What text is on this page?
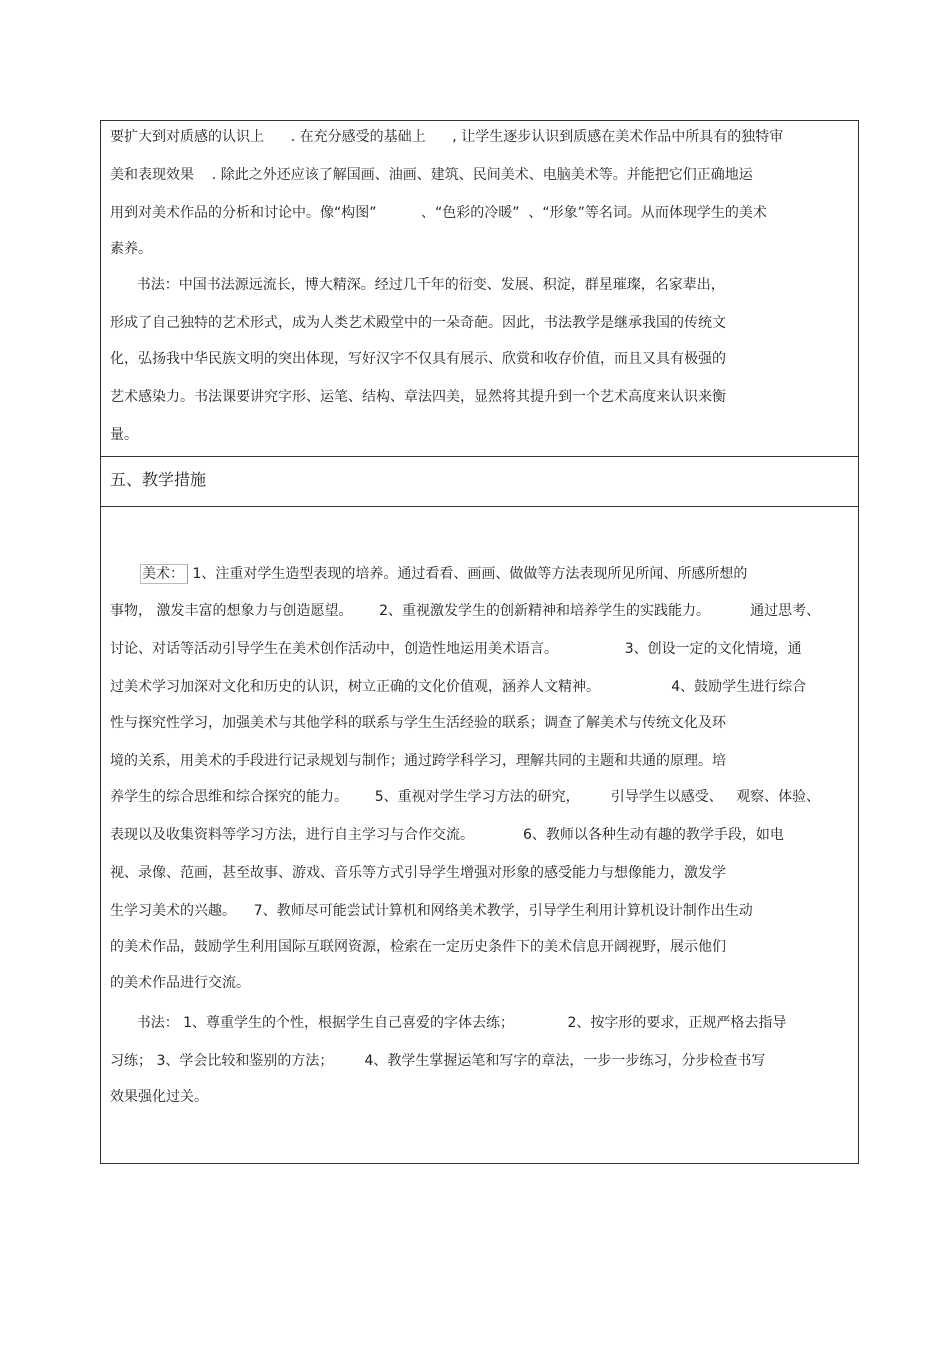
要扩大到对质感的认识上      . 在充分感受的基础上      , 让学生逐步认识到质感在美术作品中所具有的独特审
美和表现效果    . 除此之外还应该了解国画、油画、建筑、民间美术、电脑美术等。并能把它们正确地运
用到对美术作品的分析和讨论中。像“构图”          、“色彩的冷暖”  、“形象”等名词。从而体现学生的美术
素养。
书法：中国书法源远流长，博大精深。经过几千年的衍变、发展、积淀，群星璀璨，名家辈出，
形成了自己独特的艺术形式，成为人类艺术殿堂中的一朵奇葩。因此，书法教学是继承我国的传统文
化，弘扬我中华民族文明的突出体现，写好汉字不仅具有展示、欣赏和收存价值，而且又具有极强的
艺术感染力。书法课要讲究字形、运笔、结构、章法四美，显然将其提升到一个艺术高度来认识来衡
量。
五、教学措施
美术： 1、注重对学生造型表现的培养。通过看看、画画、做做等方法表现所见所闻、所感所想的
事物， 激发丰富的想象力与创造愿望。      2、重视激发学生的创新精神和培养学生的实践能力。         通过思考、
讨论、对话等活动引导学生在美术创作活动中，创造性地运用美术语言。               3、创设一定的文化情境，通
过美术学习加深对文化和历史的认识，树立正确的文化价值观，涵养人文精神。                4、鼓励学生进行综合
性与探究性学习，加强美术与其他学科的联系与学生生活经验的联系；调查了解美术与传统文化及环
境的关系，用美术的手段进行记录规划与制作；通过跨学科学习，理解共同的主题和共通的原理。培
养学生的综合思维和综合探究的能力。      5、重视对学生学习方法的研究，       引导学生以感受、   观察、体验、
表现以及收集资料等学习方法，进行自主学习与合作交流。           6、教师以各种生动有趣的教学手段，如电
视、录像、范画，甚至故事、游戏、音乐等方式引导学生增强对形象的感受能力与想像能力，激发学
生学习美术的兴趣。    7、教师尽可能尝试计算机和网络美术教学，引导学生利用计算机设计制作出生动
的美术作品，鼓励学生利用国际互联网资源，检索在一定历史条件下的美术信息开阔视野，展示他们
的美术作品进行交流。
书法： 1、尊重学生的个性，根据学生自己喜爱的字体去练；            2、按字形的要求，正规严格去指导
习练； 3、学会比较和鉴别的方法；       4、教学生掌握运笔和写字的章法，一步一步练习，分步检查书写
效果强化过关。
